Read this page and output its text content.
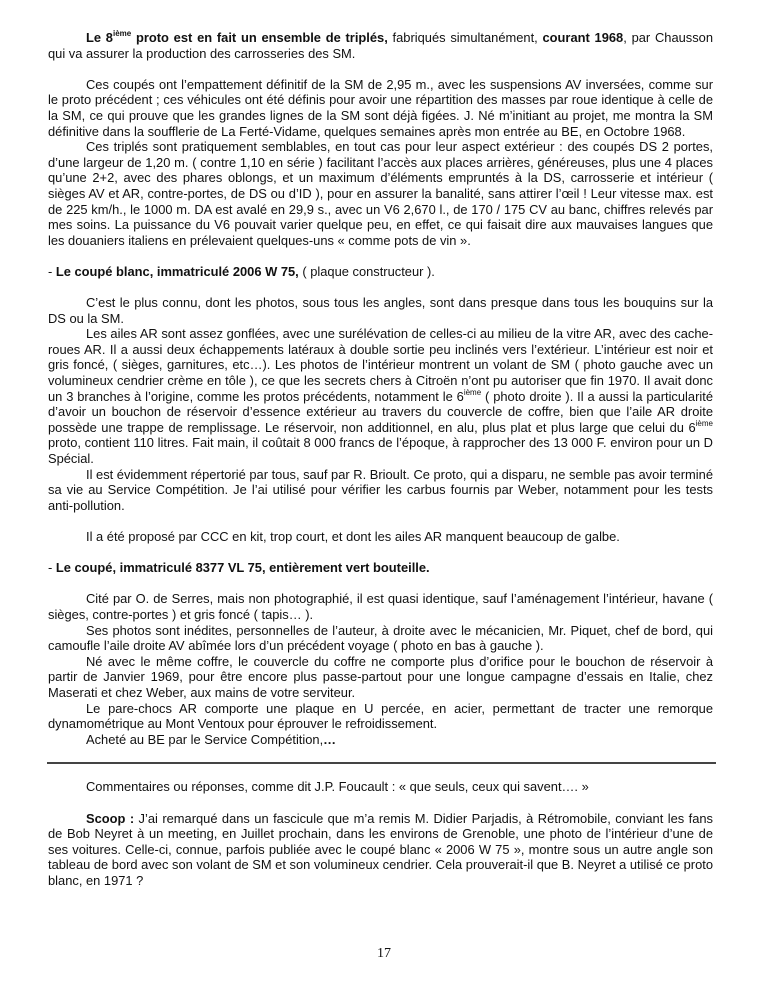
Le 8ième proto est en fait un ensemble de triplés, fabriqués simultanément, courant 1968, par Chausson qui va assurer la production des carrosseries des SM.

Ces coupés ont l’empattement définitif de la SM de 2,95 m., avec les suspensions AV inversées, comme sur le proto précédent ; ces véhicules ont été définis pour avoir une répartition des masses par roue identique à celle de la SM, ce qui prouve que les grandes lignes de la SM sont déjà figées. J. Né m’initiant au projet, me montra la SM définitive dans la soufflerie de La Ferté-Vidame, quelques semaines après mon entrée au BE, en Octobre 1968.

Ces triplés sont pratiquement semblables, en tout cas pour leur aspect extérieur : des coupés DS 2 portes, d’une largeur de 1,20 m. ( contre 1,10 en série ) facilitant l’accès aux places arrières, généreuses, plus une 4 places qu’une 2+2, avec des phares oblongs, et un maximum d’éléments empruntés à la DS, carrosserie et intérieur ( sièges AV et AR, contre-portes, de DS ou d’ID ), pour en assurer la banalité, sans attirer l’œil ! Leur vitesse max. est de 225 km/h., le 1000 m. DA est avalé en 29,9 s., avec un V6 2,670 l., de 170 / 175 CV au banc, chiffres relevés par mes soins. La puissance du V6 pouvait varier quelque peu, en effet, ce qui faisait dire aux mauvaises langues que les douaniers italiens en prélevaient quelques-uns « comme pots de vin ».

- Le coupé blanc, immatriculé 2006 W 75, ( plaque constructeur ).

C’est le plus connu, dont les photos, sous tous les angles, sont dans presque dans tous les bouquins sur la DS ou la SM.

Les ailes AR sont assez gonflées, avec une surélévation de celles-ci au milieu de la vitre AR, avec des cache-roues AR. Il a aussi deux échappements latéraux à double sortie peu inclinés vers l’extérieur. L’intérieur est noir et gris foncé, ( sièges, garnitures, etc…). Les photos de l’intérieur montrent un volant de SM ( photo gauche avec un volumineux cendrier crème en tôle ), ce que les secrets chers à Citroën n’ont pu autoriser que fin 1970. Il avait donc un 3 branches à l’origine, comme les protos précédents, notamment le 6ième ( photo droite ). Il a aussi la particularité d’avoir un bouchon de réservoir d’essence extérieur au travers du couvercle de coffre, bien que l’aile AR droite possède une trappe de remplissage. Le réservoir, non additionnel, en alu, plus plat et plus large que celui du 6ième proto, contient 110 litres. Fait main, il coûtait 8 000 francs de l’époque, à rapprocher des 13 000 F. environ pour un D Spécial.

Il est évidemment répertorié par tous, sauf par R. Brioult. Ce proto, qui a disparu, ne semble pas avoir terminé sa vie au Service Compétition. Je l’ai utilisé pour vérifier les carbus fournis par Weber, notamment pour les tests anti-pollution.

Il a été proposé par CCC en kit, trop court, et dont les ailes AR manquent beaucoup de galbe.

- Le coupé, immatriculé 8377 VL 75, entièrement vert bouteille.

Cité par O. de Serres, mais non photographié, il est quasi identique, sauf l’aménagement l’intérieur, havane ( sièges, contre-portes ) et gris foncé ( tapis… ).

Ses photos sont inédites, personnelles de l’auteur, à droite avec le mécanicien, Mr. Piquet, chef de bord, qui camoufle l’aile droite AV abîmée lors d’un précédent voyage ( photo en bas à gauche ).

Né avec le même coffre, le couvercle du coffre ne comporte plus d’orifice pour le bouchon de réservoir à partir de Janvier 1969, pour être encore plus passe-partout pour une longue campagne d’essais en Italie, chez Maserati et chez Weber, aux mains de votre serviteur.

Le pare-chocs AR comporte une plaque en U percée, en acier, permettant de tracter une remorque dynamométrique au Mont Ventoux pour éprouver le refroidissement.

Acheté au BE par le Service Compétition,…

Commentaires ou réponses, comme dit J.P. Foucault : « que seuls, ceux qui savent…. »

Scoop : J’ai remarqué dans un fascicule que m’a remis M. Didier Parjadis, à Rétromobile, conviant les fans de Bob Neyret à un meeting, en Juillet prochain, dans les environs de Grenoble, une photo de l’intérieur d’une de ses voitures. Celle-ci, connue, parfois publiée avec le coupé blanc « 2006 W 75 », montre sous un autre angle son tableau de bord avec son volant de SM et son volumineux cendrier. Cela prouverait-il que B. Neyret a utilisé ce proto blanc, en 1971 ?

17
